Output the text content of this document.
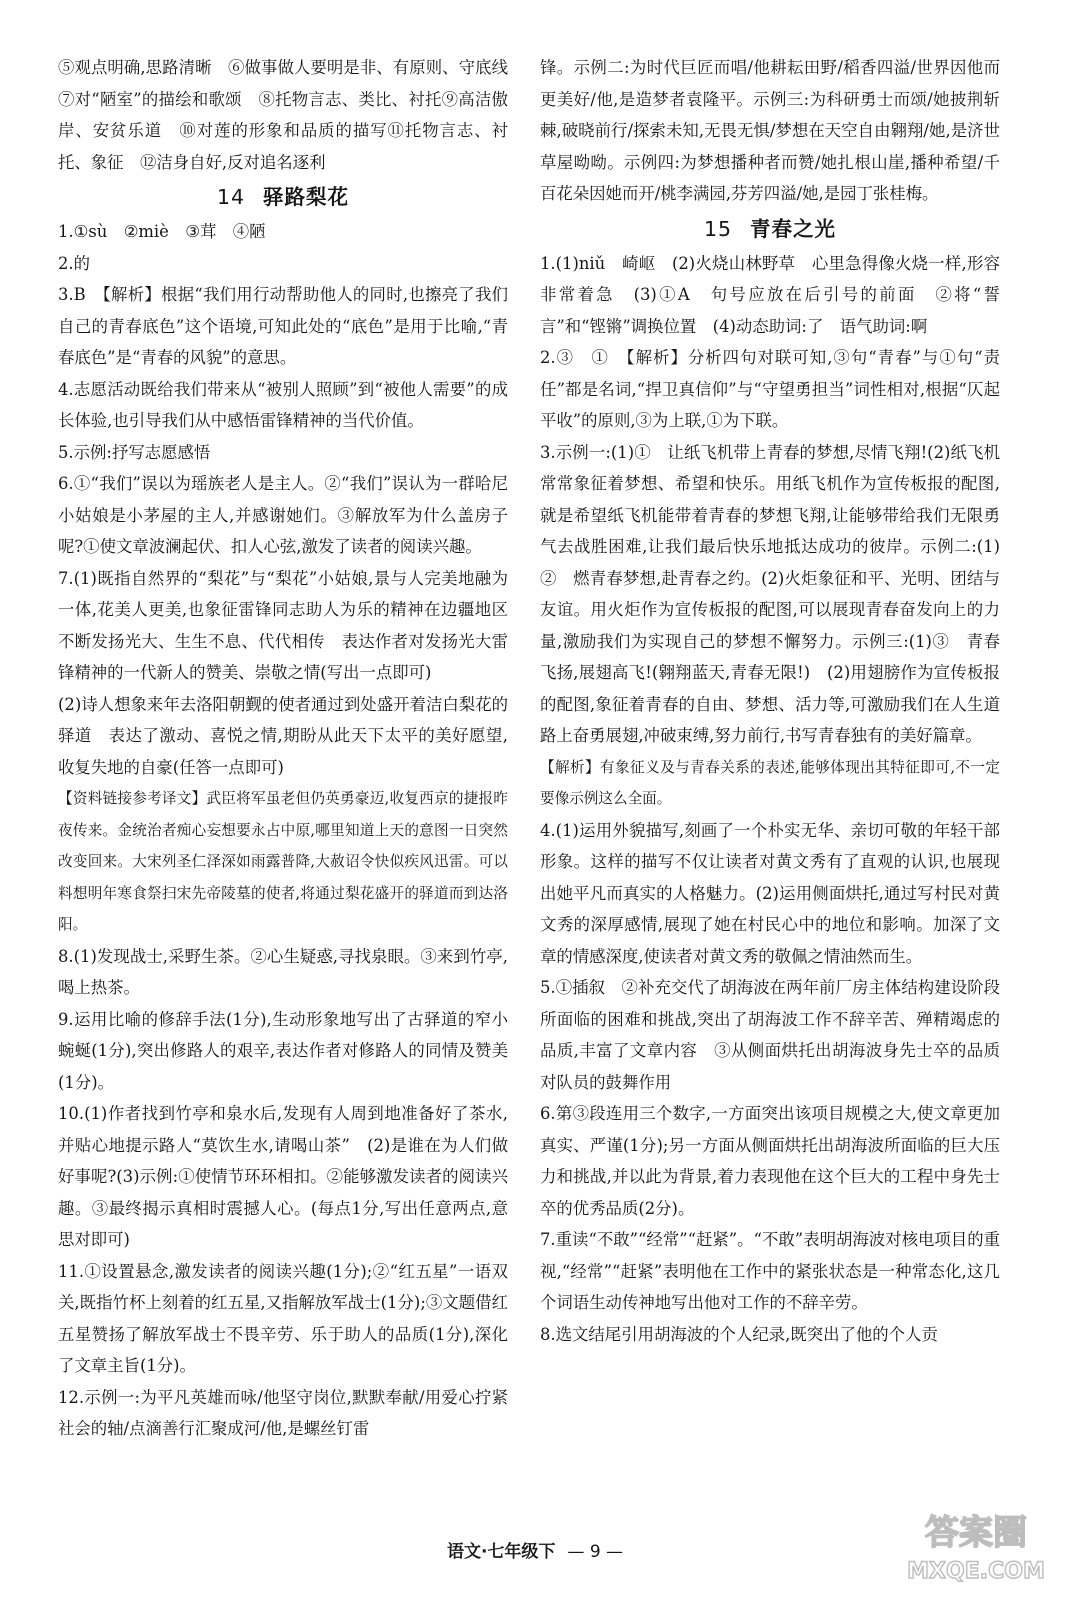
⑤观点明确,思路清晰　⑥做事做人要明是非、有原则、守底线　⑦对“陋室”的描绘和歌颂　⑧托物言志、类比、衬托⑨高洁傲岸、安贫乐道　⑩对莲的形象和品质的描写⑪托物言志、衬托、象征　⑫洁身自好,反对追名逐利

14 驿路梨花

1.①sù　②miè　③茸　④陋

2.的

3.B　【解析】根据“我们用行动帮助他人的同时,也擦亮了我们自己的青春底色”这个语境,可知此处的“底色”是用于比喻,“青春底色”是“青春的风貌”的意思。

4.志愿活动既给我们带来从“被别人照顾”到“被他人需要”的成长体验,也引导我们从中感悟雷锋精神的当代价值。

5.示例:抒写志愿感悟

6.①“我们”误以为瑶族老人是主人。②“我们”误认为一群哈尼小姑娘是小茅屋的主人,并感谢她们。③解放军为什么盖房子呢?①使文章波澜起伏、扣人心弦,激发了读者的阅读兴趣。

7.(1)既指自然界的“梨花”与“梨花”小姑娘,景与人完美地融为一体,花美人更美,也象征雷锋同志助人为乐的精神在边疆地区不断发扬光大、生生不息、代代相传　表达作者对发扬光大雷锋精神的一代新人的赞美、崇敬之情(写出一点即可)

(2)诗人想象来年去洛阳朝觐的使者通过到处盛开着洁白梨花的驿道　表达了激动、喜悦之情,期盼从此天下太平的美好愿望,收复失地的自豪(任答一点即可)

【资料链接参考译文】武臣将军虽老但仍英勇豪迈,收复西京的捷报昨夜传来。金统治者痴心妄想要永占中原,哪里知道上天的意图一日突然改变回来。大宋列圣仁泽深如雨露普降,大赦诏令快似疾风迅雷。可以料想明年寒食祭扫宋先帝陵墓的使者,将通过梨花盛开的驿道而到达洛阳。

8.(1)发现战士,采野生茶。②心生疑惑,寻找泉眼。③来到竹亭,喝上热茶。

9.运用比喻的修辞手法(1分),生动形象地写出了古驿道的窄小蜿蜒(1分),突出修路人的艰辛,表达作者对修路人的同情及赞美(1分)。

10.(1)作者找到竹亭和泉水后,发现有人周到地准备好了茶水,并贴心地提示路人“莫饮生水,请喝山茶”　(2)是谁在为人们做好事呢?(3)示例:①使情节环环相扣。②能够激发读者的阅读兴趣。③最终揭示真相时震撼人心。(每点1分,写出任意两点,意思对即可)

11.①设置悬念,激发读者的阅读兴趣(1分);②“红五星”一语双关,既指竹杯上刻着的红五星,又指解放军战士(1分);③文题借红五星赞扬了解放军战士不畏辛劳、乐于助人的品质(1分),深化了文章主旨(1分)。

12.示例一:为平凡英雄而咏/他坚守岗位,默默奉献/用爱心拧紧社会的轴/点滴善行汇聚成河/他,是螺丝钉雷

锋。示例二:为时代巨匠而唱/他耕耘田野/稻香四溢/世界因他而更美好/他,是造梦者袁隆平。示例三:为科研勇士而颂/她披荆斩棘,破晓前行/探索未知,无畏无惧/梦想在天空自由翱翔/她,是济世草屋呦呦。示例四:为梦想播种者而赞/她扎根山崖,播种希望/千百花朵因她而开/桃李满园,芬芳四溢/她,是园丁张桂梅。

15 青春之光

1.(1)niǔ　崎岖　(2)火烧山林野草　心里急得像火烧一样,形容非常着急　(3)①A　句号应放在后引号的前面　②将“誓言”和“铿锵”调换位置　(4)动态助词:了　语气助词:啊

2.③　①　【解析】分析四句对联可知,③句“青春”与①句“责任”都是名词,“捍卫真信仰”与“守望勇担当”词性相对,根据“仄起平收”的原则,③为上联,①为下联。

3.示例一:(1)①　让纸飞机带上青春的梦想,尽情飞翔!(2)纸飞机常常象征着梦想、希望和快乐。用纸飞机作为宣传板报的配图,就是希望纸飞机能带着青春的梦想飞翔,让能够带给我们无限勇气去战胜困难,让我们最后快乐地抵达成功的彼岸。示例二:(1)②　燃青春梦想,赴青春之约。(2)火炬象征和平、光明、团结与友谊。用火炬作为宣传板报的配图,可以展现青春奋发向上的力量,激励我们为实现自己的梦想不懈努力。示例三:(1)③　青春飞扬,展翅高飞!(翱翔蓝天,青春无限!)　(2)用翅膀作为宣传板报的配图,象征着青春的自由、梦想、活力等,可激励我们在人生道路上奋勇展翅,冲破束缚,努力前行,书写青春独有的美好篇章。

【解析】有象征义及与青春关系的表述,能够体现出其特征即可,不一定要像示例这么全面。

4.(1)运用外貌描写,刻画了一个朴实无华、亲切可敬的年轻干部形象。这样的描写不仅让读者对黄文秀有了直观的认识,也展现出她平凡而真实的人格魅力。(2)运用侧面烘托,通过写村民对黄文秀的深厚感情,展现了她在村民心中的地位和影响。加深了文章的情感深度,使读者对黄文秀的敬佩之情油然而生。

5.①插叙　②补充交代了胡海波在两年前厂房主体结构建设阶段所面临的困难和挑战,突出了胡海波工作不辞辛苦、殚精竭虑的品质,丰富了文章内容　③从侧面烘托出胡海波身先士卒的品质对队员的鼓舞作用

6.第③段连用三个数字,一方面突出该项目规模之大,使文章更加真实、严谨(1分);另一方面从侧面烘托出胡海波所面临的巨大压力和挑战,并以此为背景,着力表现他在这个巨大的工程中身先士卒的优秀品质(2分)。

7.重读“不敢”“经常”“赶紧”。“不敢”表明胡海波对核电项目的重视,“经常”“赶紧”表明他在工作中的紧张状态是一种常态化,这几个词语生动传神地写出他对工作的不辞辛劳。

8.选文结尾引用胡海波的个人纪录,既突出了他的个人贡

语文·七年级下 — 9 —	答案圈
MXQE.COM
